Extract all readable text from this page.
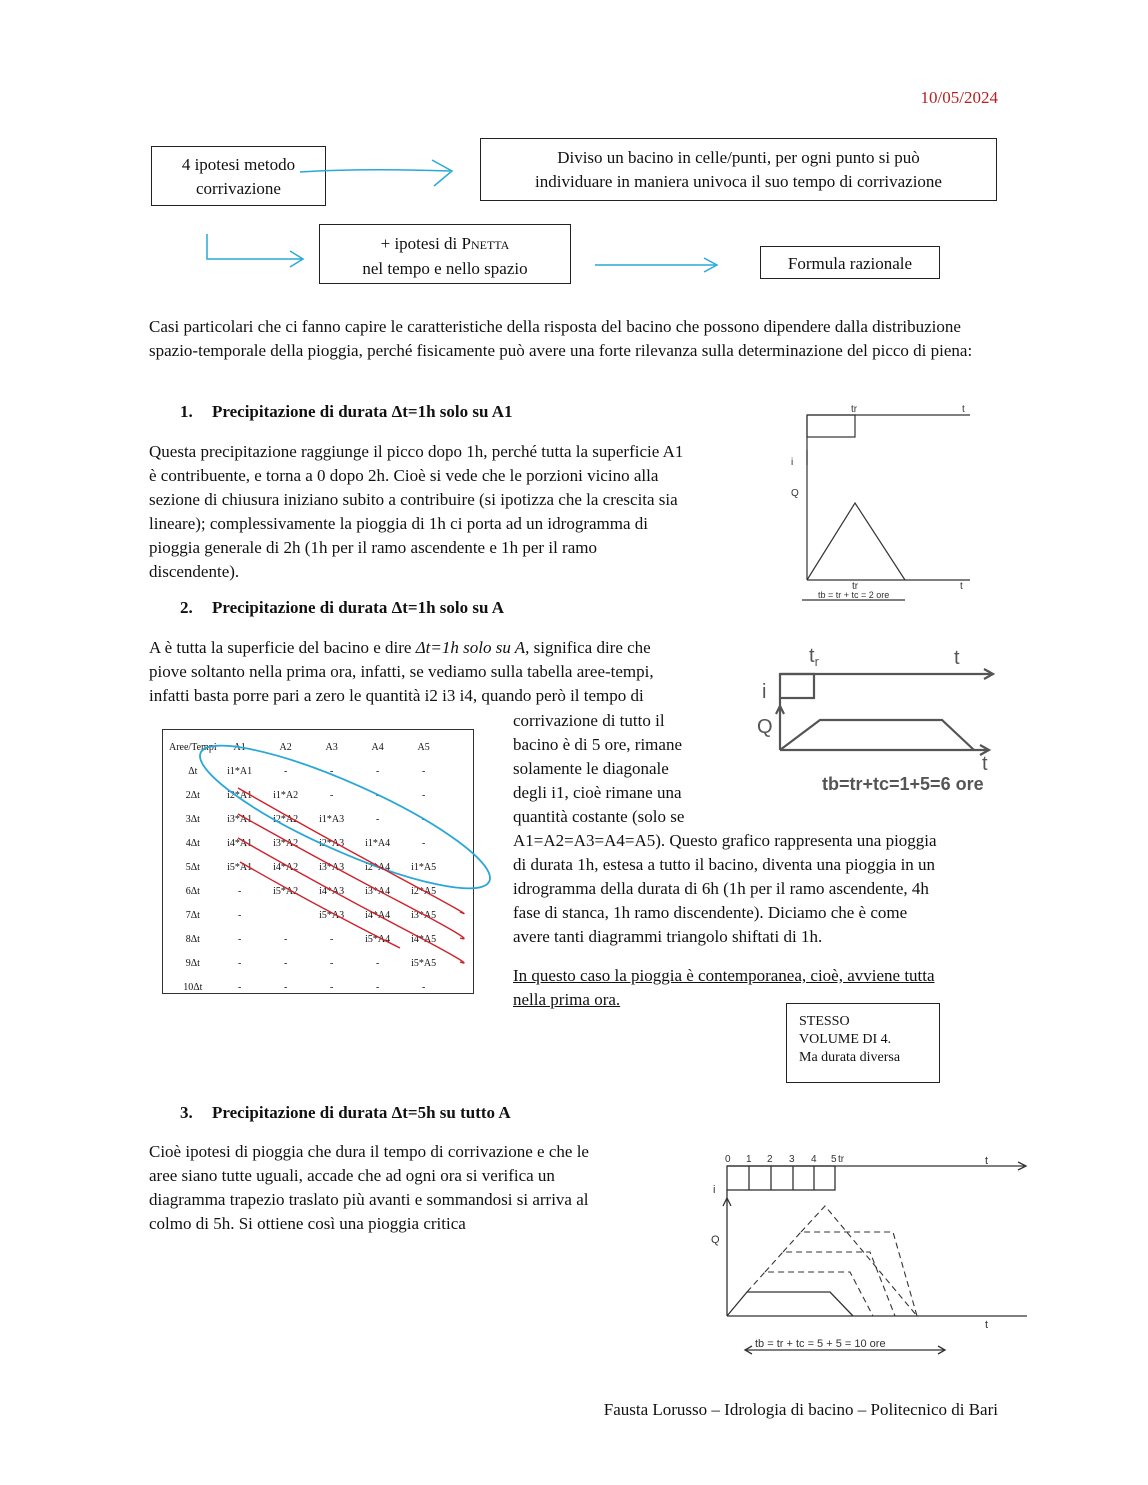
10/05/2024
4 ipotesi metodo
corrivazione
Diviso un bacino in celle/punti, per ogni punto si può
individuare in maniera univoca il suo tempo di corrivazione
+ ipotesi di PNETTA
nel tempo e nello spazio	Formula razionale
Casi particolari che ci fanno capire le caratteristiche della risposta del bacino che possono dipendere dalla distribuzione spazio-temporale della pioggia, perché fisicamente può avere una forte rilevanza sulla determinazione del picco di piena:
1. Precipitazione di durata Δt=1h solo su A1
Questa precipitazione raggiunge il picco dopo 1h, perché tutta la superficie A1
è contribuente, e torna a 0 dopo 2h. Cioè si vede che le porzioni vicino alla
sezione di chiusura iniziano subito a contribuire (si ipotizza che la crescita sia
lineare); complessivamente la pioggia di 1h ci porta ad un idrogramma di
pioggia generale di 2h (1h per il ramo ascendente e 1h per il ramo
discendente).
tr	t
i
Q
tr	t
tb = tr + tc = 2 ore
2. Precipitazione di durata Δt=1h solo su A
A è tutta la superficie del bacino e dire Δt=1h solo su A, significa dire che
piove soltanto nella prima ora, infatti, se vediamo sulla tabella aree-tempi,
infatti basta porre pari a zero le quantità i2 i3 i4, quando però il tempo di
corrivazione di tutto il
bacino è di 5 ore, rimane
solamente le diagonale
degli i1, cioè rimane una
quantità costante (solo se
A1=A2=A3=A4=A5). Questo grafico rappresenta una pioggia
di durata 1h, estesa a tutto il bacino, diventa una pioggia in un
idrogramma della durata di 6h (1h per il ramo ascendente, 4h
fase di stanca, 1h ramo discendente). Diciamo che è come
avere tanti diagrammi triangolo shiftati di 1h.
In questo caso la pioggia è contemporanea, cioè, avviene tutta
nella prima ora.
STESSO
VOLUME DI 4.
Ma durata diversa
$t_r$	t
i
Q
t
tb=tr+tc=1+5=6 ore
Aree/Tempi	A1	A2	A3	A4	A5
Δt	i1*A1	-	-	-	-
2Δt	i2*A1	i1*A2	-	-	-
3Δt	i3*A1	i2*A2	i1*A3	-	-
4Δt	i4*A1	i3*A2	i2*A3	i1*A4	-
5Δt	i5*A1	i4*A2	i3*A3	i2*A4	i1*A5
6Δt	-	i5*A2	i4*A3	i3*A4	i2*A5
7Δt	-		i5*A3	i4*A4	i3*A5
8Δt	-	-	-	i5*A4	i4*A5
9Δt	-	-	-	-	i5*A5
10Δt	-	-	-	-	-
3. Precipitazione di durata Δt=5h su tutto A
Cioè ipotesi di pioggia che dura il tempo di corrivazione e che le
aree siano tutte uguali, accade che ad ogni ora si verifica un
diagramma trapezio traslato più avanti e sommandosi si arriva al
colmo di 5h. Si ottiene così una pioggia critica
0 1 2 3 4 5 tr	t
i
Q
t
tb = tr + tc = 5 + 5 = 10 ore
Fausta Lorusso – Idrologia di bacino – Politecnico di Bari
